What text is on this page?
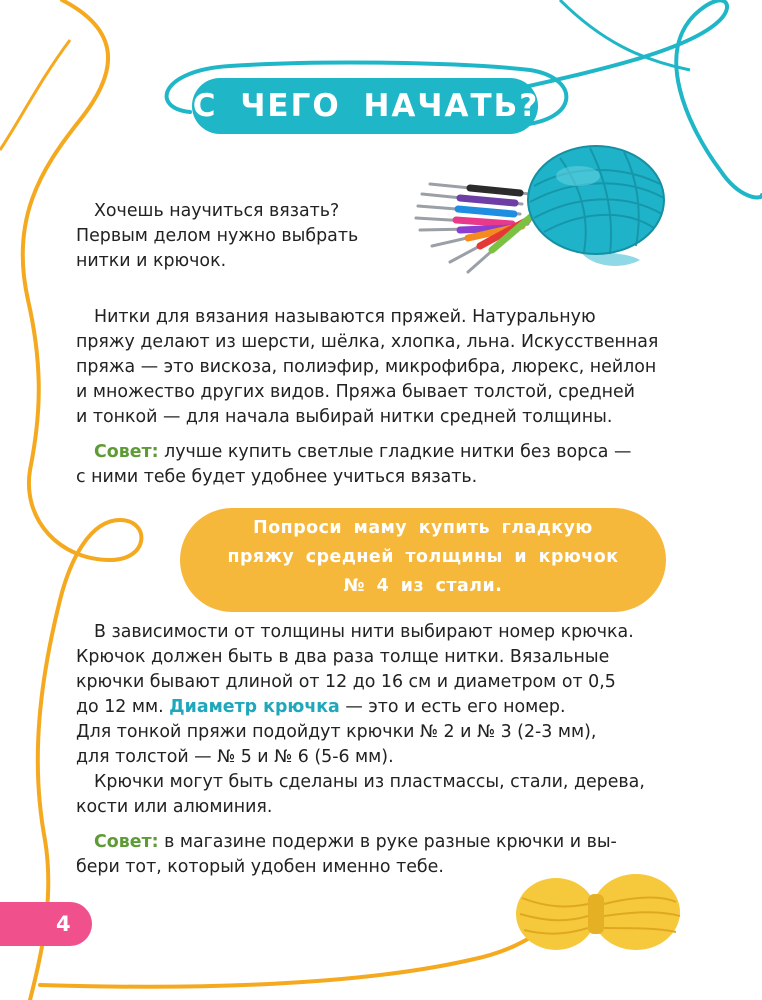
С ЧЕГО НАЧАТЬ?

Хочешь научиться вязать?
Первым делом нужно выбрать
нитки и крючок.

Нитки для вязания называются пряжей. Натуральную
пряжу делают из шерсти, шёлка, хлопка, льна. Искусственная
пряжа — это вискоза, полиэфир, микрофибра, люрекс, нейлон
и множество других видов. Пряжа бывает толстой, средней
и тонкой — для начала выбирай нитки средней толщины.

Совет: лучше купить светлые гладкие нитки без ворса —
с ними тебе будет удобнее учиться вязать.

Попроси маму купить гладкую
пряжу средней толщины и крючок
№ 4 из стали.

В зависимости от толщины нити выбирают номер крючка.
Крючок должен быть в два раза толще нитки. Вязальные
крючки бывают длиной от 12 до 16 см и диаметром от 0,5
до 12 мм. Диаметр крючка — это и есть его номер.
Для тонкой пряжи подойдут крючки № 2 и № 3 (2-3 мм),
для толстой — № 5 и № 6 (5-6 мм).

Крючки могут быть сделаны из пластмассы, стали, дерева,
кости или алюминия.

Совет: в магазине подержи в руке разные крючки и вы-
бери тот, который удобен именно тебе.

4
